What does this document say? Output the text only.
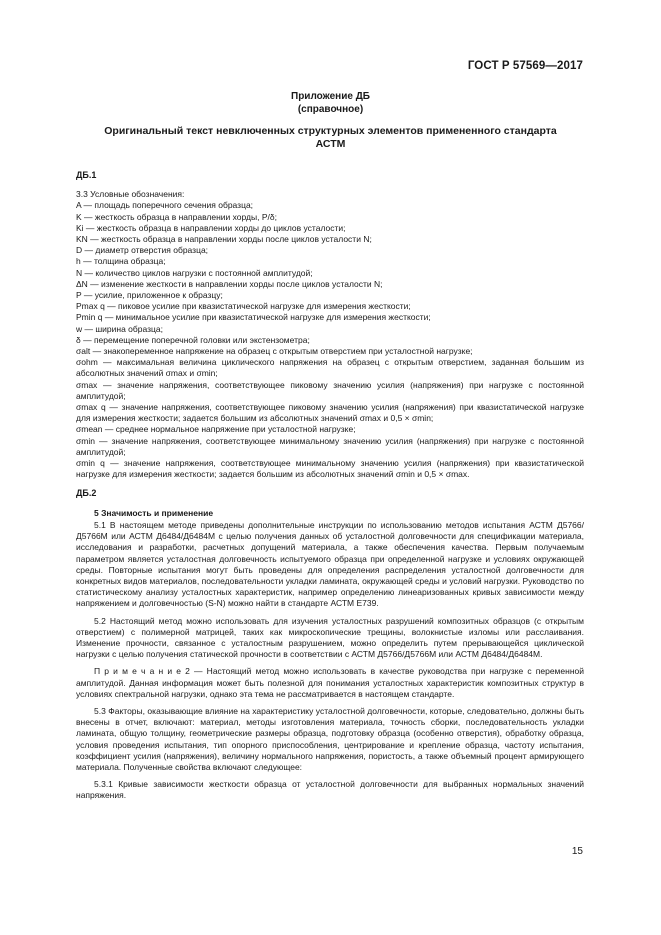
ГОСТ Р 57569—2017
Приложение ДБ
(справочное)
Оригинальный текст невключенных структурных элементов примененного стандарта АСТМ
ДБ.1
3.3 Условные обозначения:
A — площадь поперечного сечения образца;
K — жесткость образца в направлении хорды, P/δ;
Ki — жесткость образца в направлении хорды до циклов усталости;
KN — жесткость образца в направлении хорды после циклов усталости N;
D — диаметр отверстия образца;
h — толщина образца;
N — количество циклов нагрузки с постоянной амплитудой;
ΔN — изменение жесткости в направлении хорды после циклов усталости N;
P — усилие, приложенное к образцу;
Pmax q — пиковое усилие при квазистатической нагрузке для измерения жесткости;
Pmin q — минимальное усилие при квазистатической нагрузке для измерения жесткости;
w — ширина образца;
δ — перемещение поперечной головки или экстензометра;
σalt — знакопеременное напряжение на образец с открытым отверстием при усталостной нагрузке;
σohm — максимальная величина циклического напряжения на образец с открытым отверстием, заданная большим из абсолютных значений σmax и σmin;
σmax — значение напряжения, соответствующее пиковому значению усилия (напряжения) при нагрузке с постоянной амплитудой;
σmax q — значение напряжения, соответствующее пиковому значению усилия (напряжения) при квазистатической нагрузке для измерения жесткости; задается большим из абсолютных значений σmax и 0,5 × σmin;
σmean — среднее нормальное напряжение при усталостной нагрузке;
σmin — значение напряжения, соответствующее минимальному значению усилия (напряжения) при нагрузке с постоянной амплитудой;
σmin q — значение напряжения, соответствующее минимальному значению усилия (напряжения) при квазистатической нагрузке для измерения жесткости; задается большим из абсолютных значений σmin и 0,5 × σmax.
ДБ.2
5 Значимость и применение

5.1 В настоящем методе приведены дополнительные инструкции по использованию методов испытания АСТМ Д5766/Д5766М или АСТМ Д6484/Д6484М с целью получения данных об усталостной долговечности для спецификации материала, исследования и разработки, расчетных допущений материала, а также обеспечения качества. Первым получаемым параметром является усталостная долговечность испытуемого образца при определенной нагрузке и условиях окружающей среды. Повторные испытания могут быть проведены для определения распределения усталостной долговечности для конкретных видов материалов, последовательности укладки ламината, окружающей среды и условий нагрузки. Руководство по статистическому анализу усталостных характеристик, например определению линеаризованных кривых зависимости между напряжением и долговечностью (S-N) можно найти в стандарте АСТМ Е739.

5.2 Настоящий метод можно использовать для изучения усталостных разрушений композитных образцов (с открытым отверстием) с полимерной матрицей, таких как микроскопические трещины, волокнистые изломы или расслаивания. Изменение прочности, связанное с усталостным разрушением, можно определить путем прерывающейся циклической нагрузки с целью получения статической прочности в соответствии с АСТМ Д5766/Д5766М или АСТМ Д6484/Д6484М.

П р и м е ч а н и е 2 — Настоящий метод можно использовать в качестве руководства при нагрузке с переменной амплитудой. Данная информация может быть полезной для понимания усталостных характеристик композитных структур в условиях спектральной нагрузки, однако эта тема не рассматривается в настоящем стандарте.

5.3 Факторы, оказывающие влияние на характеристику усталостной долговечности, которые, следовательно, должны быть внесены в отчет, включают: материал, методы изготовления материала, точность сборки, последовательность укладки ламината, общую толщину, геометрические размеры образца, подготовку образца (особенно отверстия), обработку образца, условия проведения испытания, тип опорного приспособления, центрирование и крепление образца, частоту испытания, коэффициент усилия (напряжения), величину нормального напряжения, пористость, а также объемный процент армирующего материала. Полученные свойства включают следующее:

5.3.1 Кривые зависимости жесткости образца от усталостной долговечности для выбранных нормальных значений напряжения.

15
